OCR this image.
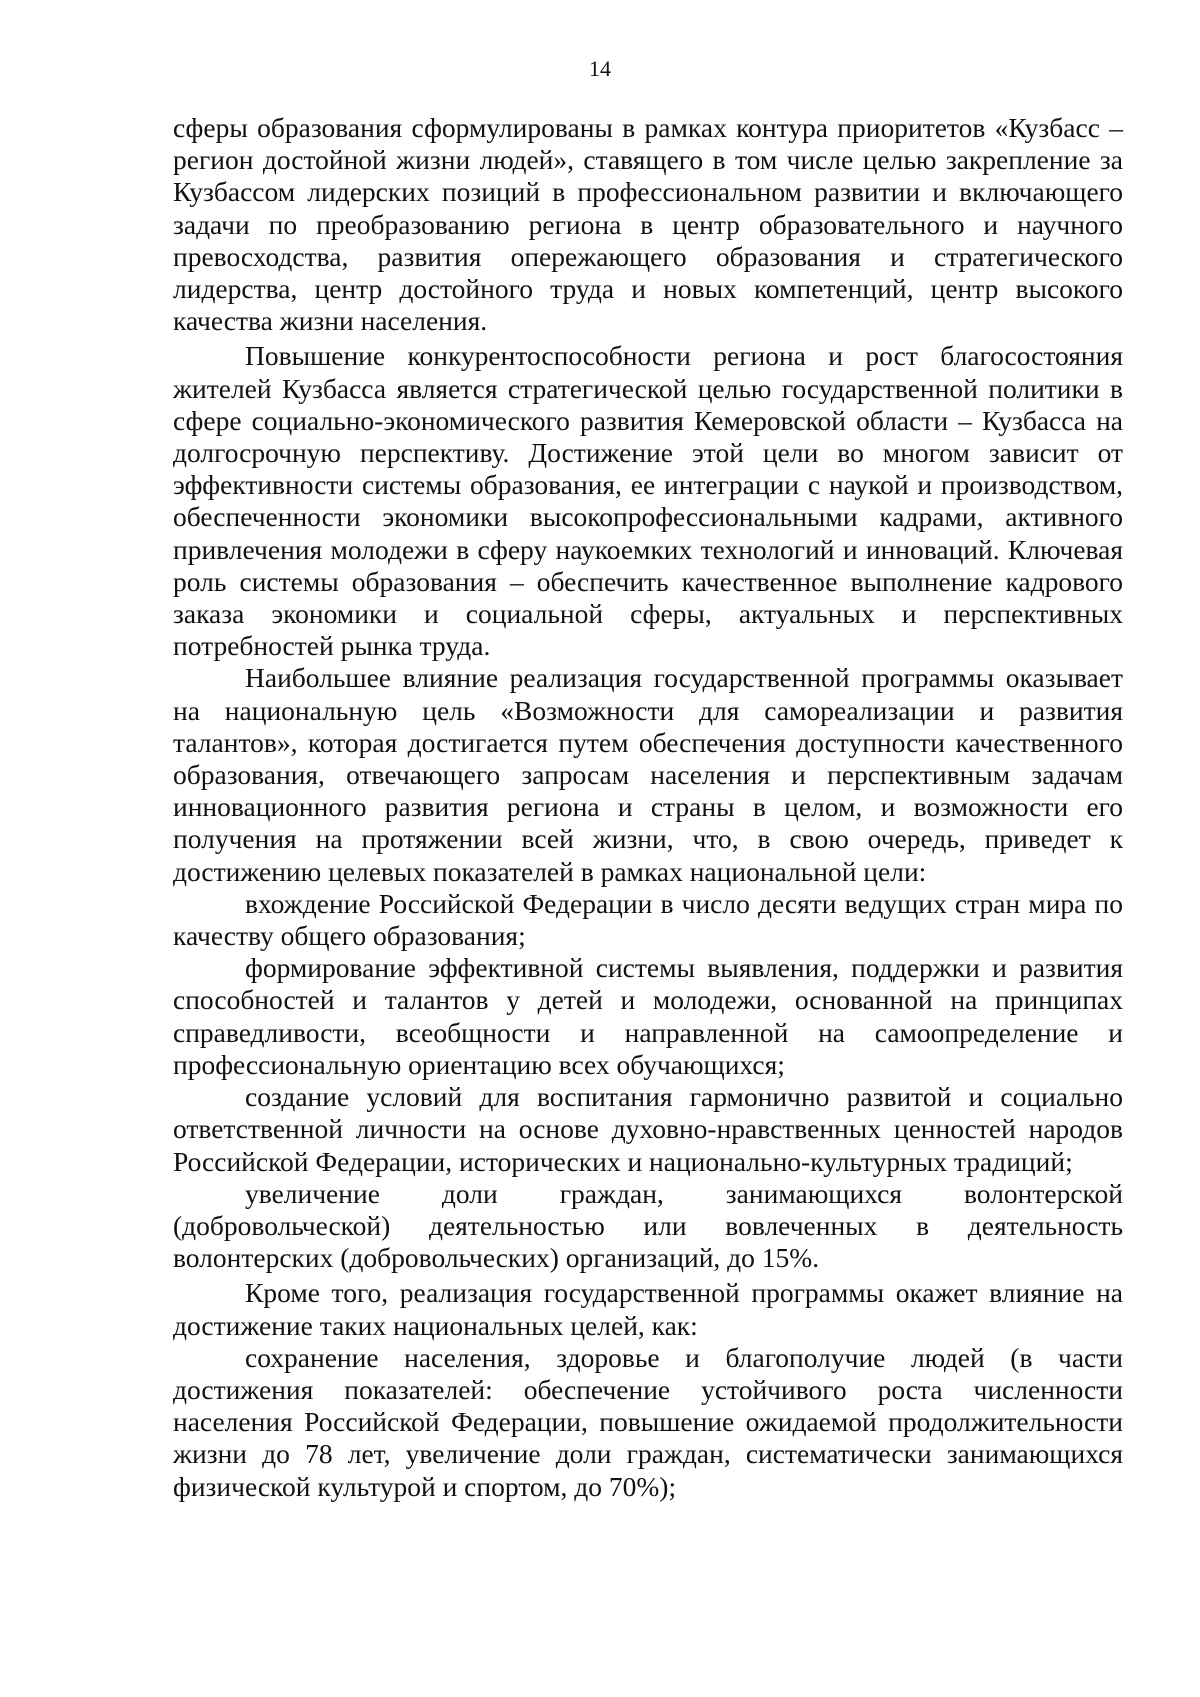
14

сферы образования сформулированы в рамках контура приоритетов «Кузбасс – регион достойной жизни людей», ставящего в том числе целью закрепление за Кузбассом лидерских позиций в профессиональном развитии и включающего задачи по преобразованию региона в центр образовательного и научного превосходства, развития опережающего образования и стратегического лидерства, центр достойного труда и новых компетенций, центр высокого качества жизни населения.

Повышение конкурентоспособности региона и рост благосостояния жителей Кузбасса является стратегической целью государственной политики в сфере социально-экономического развития Кемеровской области – Кузбасса на долгосрочную перспективу. Достижение этой цели во многом зависит от эффективности системы образования, ее интеграции с наукой и производством, обеспеченности экономики высокопрофессиональными кадрами, активного привлечения молодежи в сферу наукоемких технологий и инноваций. Ключевая роль системы образования – обеспечить качественное выполнение кадрового заказа экономики и социальной сферы, актуальных и перспективных потребностей рынка труда.

Наибольшее влияние реализация государственной программы оказывает на национальную цель «Возможности для самореализации и развития талантов», которая достигается путем обеспечения доступности качественного образования, отвечающего запросам населения и перспективным задачам инновационного развития региона и страны в целом, и возможности его получения на протяжении всей жизни, что, в свою очередь, приведет к достижению целевых показателей в рамках национальной цели:

вхождение Российской Федерации в число десяти ведущих стран мира по качеству общего образования;

формирование эффективной системы выявления, поддержки и развития способностей и талантов у детей и молодежи, основанной на принципах справедливости, всеобщности и направленной на самоопределение и профессиональную ориентацию всех обучающихся;

создание условий для воспитания гармонично развитой и социально ответственной личности на основе духовно-нравственных ценностей народов Российской Федерации, исторических и национально-культурных традиций;

увеличение доли граждан, занимающихся волонтерской (добровольческой) деятельностью или вовлеченных в деятельность волонтерских (добровольческих) организаций, до 15%.

Кроме того, реализация государственной программы окажет влияние на достижение таких национальных целей, как:

сохранение населения, здоровье и благополучие людей (в части достижения показателей: обеспечение устойчивого роста численности населения Российской Федерации, повышение ожидаемой продолжительности жизни до 78 лет, увеличение доли граждан, систематически занимающихся физической культурой и спортом, до 70%);
